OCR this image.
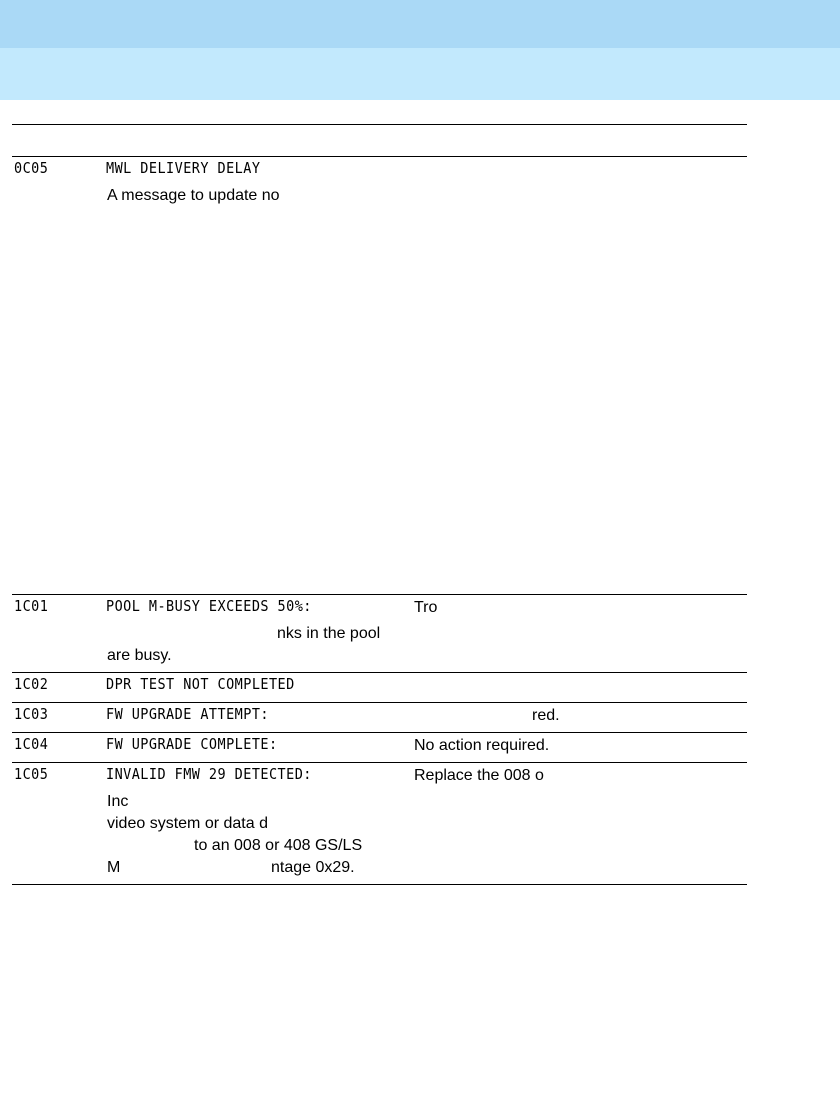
0C05	MWL DELIVERY DELAY
A message to update no
1C01	POOL M-BUSY EXCEEDS 50%:	Tro
nks in the pool
are busy.
1C02	DPR TEST NOT COMPLETED
1C03	FW UPGRADE ATTEMPT:	red.
1C04	FW UPGRADE COMPLETE:	No action required.
1C05	INVALID FMW 29 DETECTED:	Replace the 008 o
Inc
video system or data d
to an 008 or 408 GS/LS
M	ntage 0x29.
